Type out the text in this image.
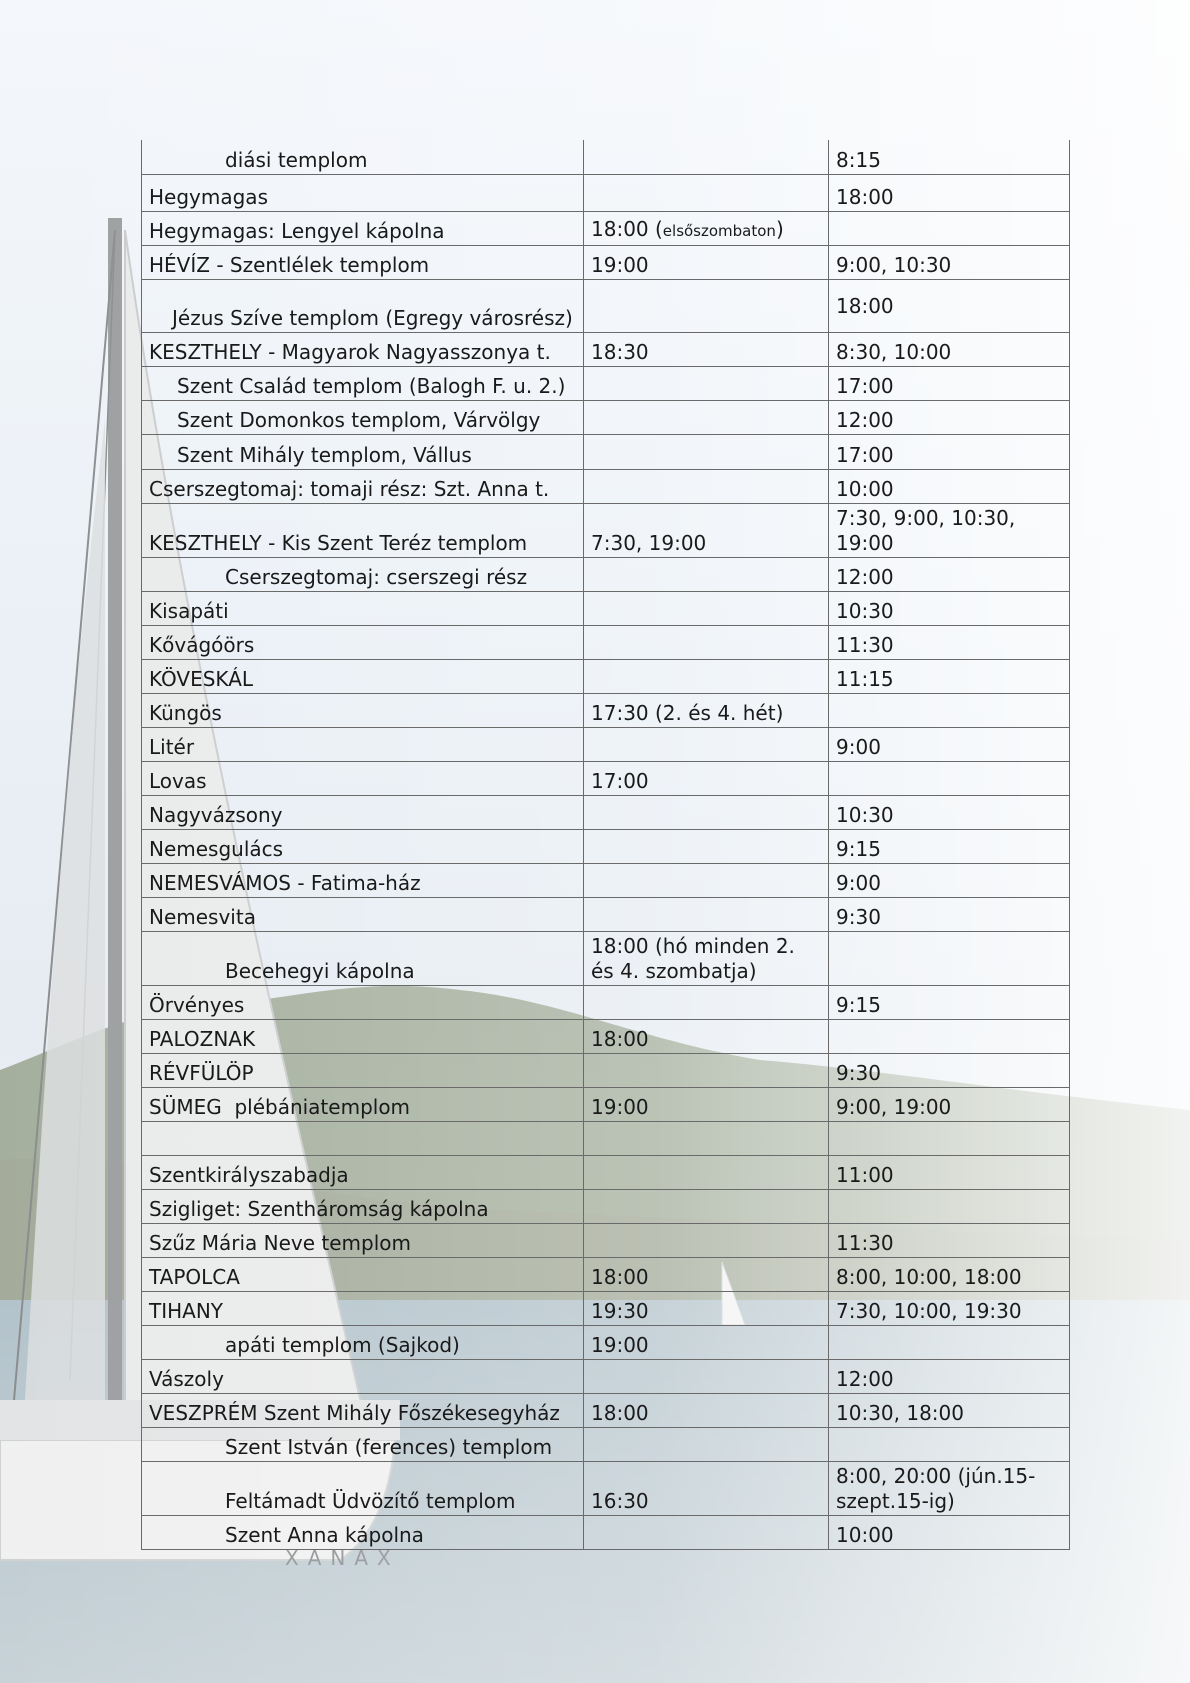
diási templom		8:15
Hegymagas		18:00
Hegymagas: Lengyel kápolna	18:00 (elsőszombaton)	
HÉVÍZ - Szentlélek templom	19:00	9:00, 10:30
Jézus Szíve templom (Egregy városrész)		18:00
KESZTHELY - Magyarok Nagyasszonya t.	18:30	8:30, 10:00
Szent Család templom (Balogh F. u. 2.)		17:00
Szent Domonkos templom, Várvölgy		12:00
Szent Mihály templom, Vállus		17:00
Cserszegtomaj: tomaji rész: Szt. Anna t.		10:00
KESZTHELY - Kis Szent Teréz templom	7:30, 19:00	7:30, 9:00, 10:30, 19:00
Cserszegtomaj: cserszegi rész		12:00
Kisapáti		10:30
Kővágóörs		11:30
KÖVESKÁL		11:15
Küngös	17:30 (2. és 4. hét)	
Litér		9:00
Lovas	17:00	
Nagyvázsony		10:30
Nemesgulács		9:15
NEMESVÁMOS - Fatima-ház		9:00
Nemesvita		9:30
Becehegyi kápolna	18:00 (hó minden 2. és 4. szombatja)	
Örvényes		9:15
PALOZNAK	18:00	
RÉVFÜLÖP		9:30
SÜMEG  plébániatemplom	19:00	9:00, 19:00

Szentkirályszabadja		11:00
Szigliget: Szentháromság kápolna		
Szűz Mária Neve templom		11:30
TAPOLCA	18:00	8:00, 10:00, 18:00
TIHANY	19:30	7:30, 10:00, 19:30
apáti templom (Sajkod)	19:00	
Vászoly		12:00
VESZPRÉM Szent Mihály Főszékesegyház	18:00	10:30, 18:00
Szent István (ferences) templom		
Feltámadt Üdvözítő templom	16:30	8:00, 20:00 (jún.15-szept.15-ig)
Szent Anna kápolna		10:00
